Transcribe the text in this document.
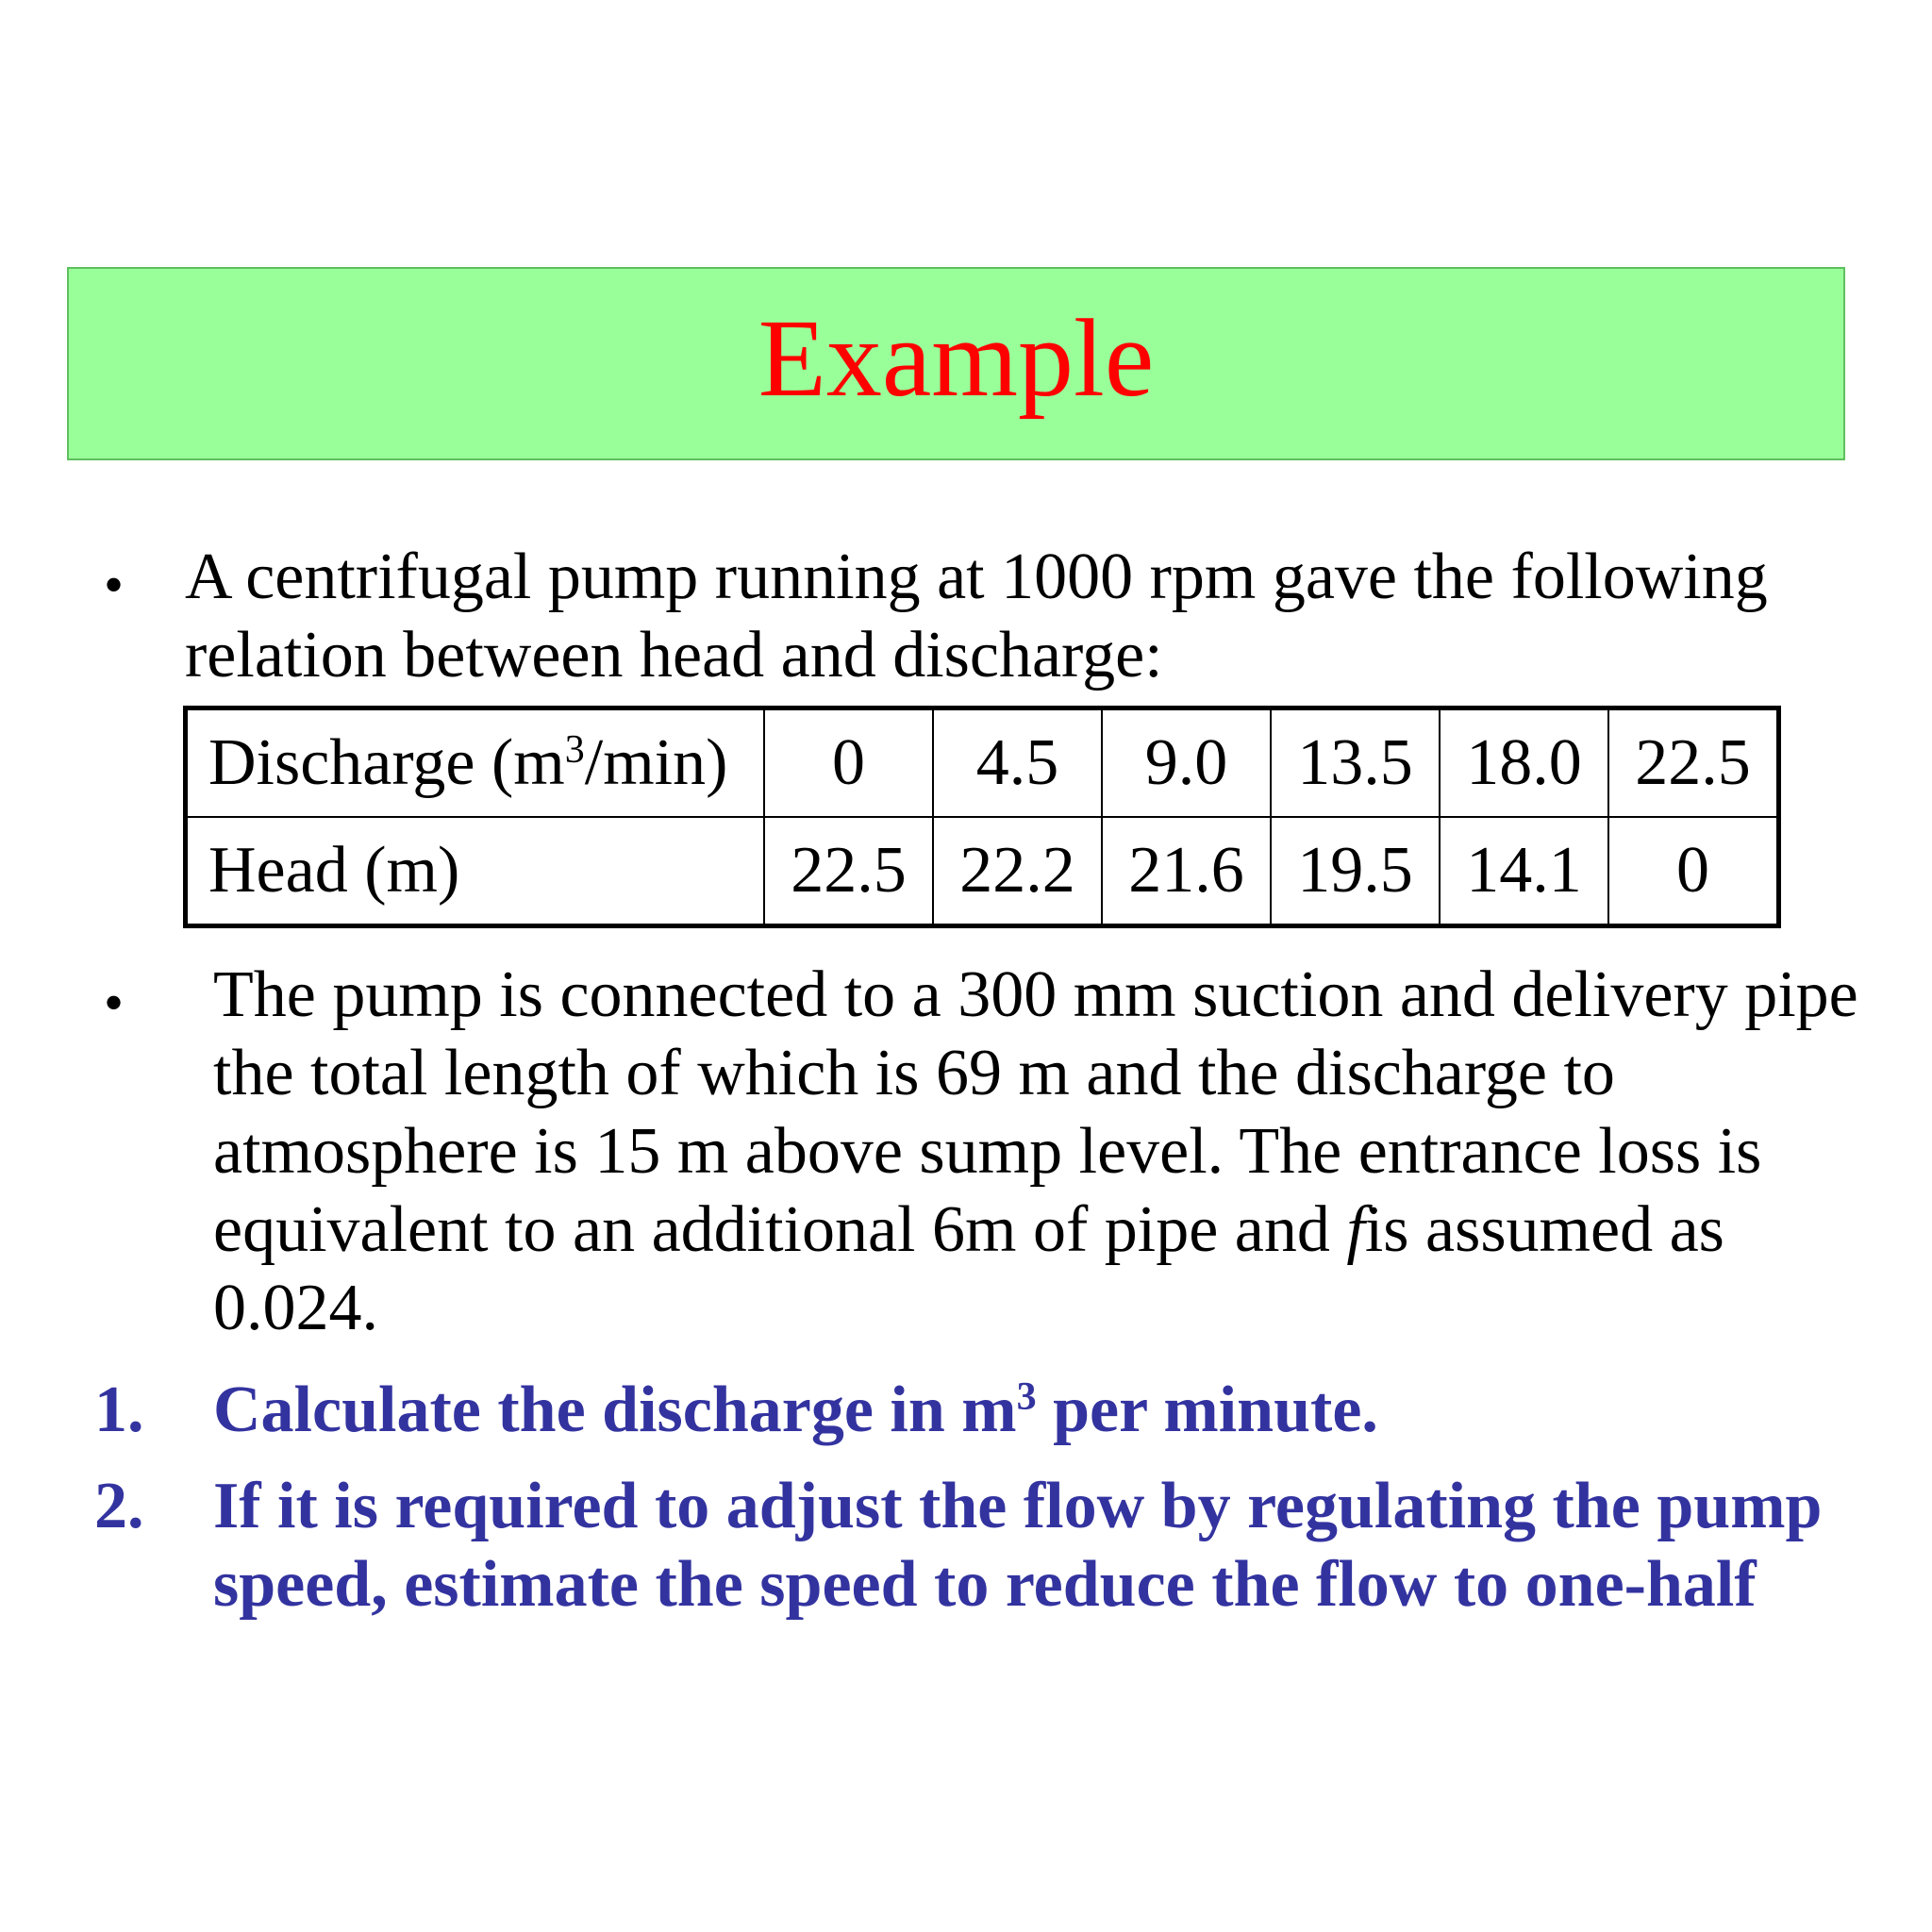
Example
• A centrifugal pump running at 1000 rpm gave the following
relation between head and discharge:

Discharge $(m^3/\min)$	0	4.5	9.0	13.5	18.0	22.5
Head (m)	22.5	22.2	21.6	19.5	14.1	0
• The pump is connected to a 300 mm suction and delivery pipe
the total length of which is 69 m and the discharge to
atmosphere is 15 m above sump level. The entrance loss is
equivalent to an additional 6m of pipe and fis assumed as
0.024.

1. Calculate the discharge in $m^3$ per minute.
2. If it is required to adjust the flow by regulating the pump
speed, estimate the speed to reduce the flow to one-half
